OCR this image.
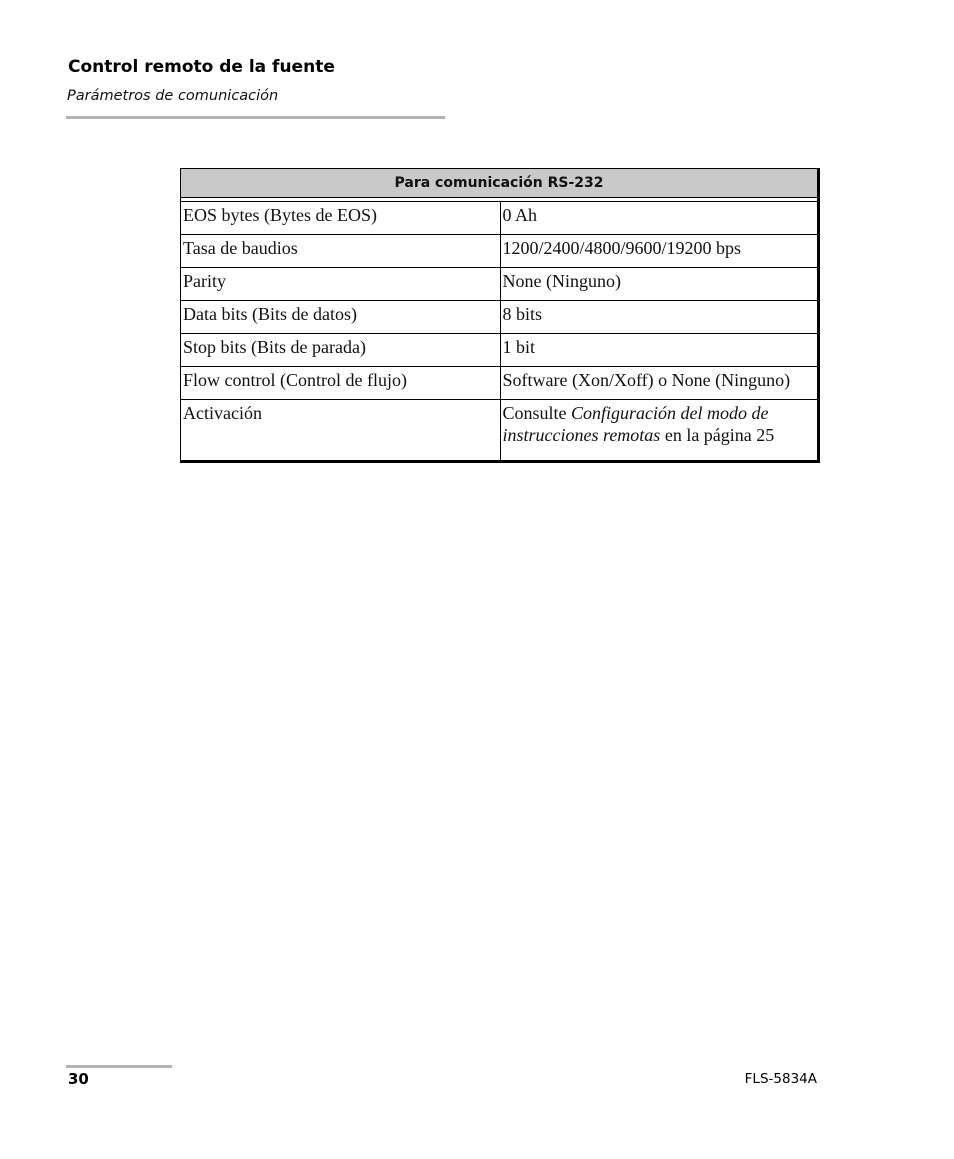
Control remoto de la fuente
Parámetros de comunicación
Para comunicación RS-232	

EOS bytes (Bytes de EOS)	0 Ah
Tasa de baudios	1200/2400/4800/9600/19200 bps
Parity	None (Ninguno)
Data bits (Bits de datos)	8 bits
Stop bits (Bits de parada)	1 bit
Flow control (Control de flujo)	Software (Xon/Xoff) o None (Ninguno)
Activación	Consulte Configuración del modo de instrucciones remotas en la página 25
30	FLS-5834A
